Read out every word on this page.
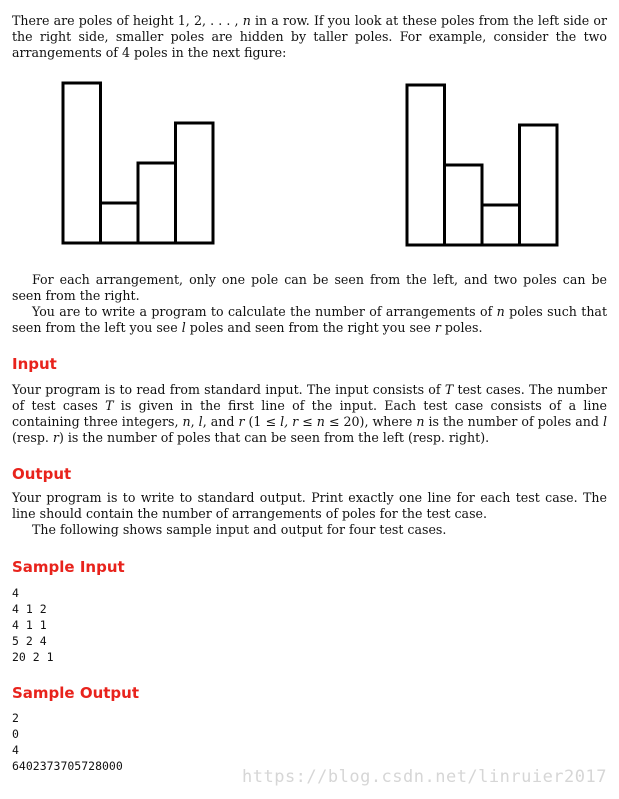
There are poles of height 1, 2, . . . , n in a row. If you look at these poles from the left side or the right side, smaller poles are hidden by taller poles. For example, consider the two arrangements of 4 poles in the next figure:

For each arrangement, only one pole can be seen from the left, and two poles can be seen from the right.

You are to write a program to calculate the number of arrangements of n poles such that seen from the left you see l poles and seen from the right you see r poles.

Input

Your program is to read from standard input. The input consists of T test cases. The number of test cases T is given in the first line of the input. Each test case consists of a line containing three integers, n, l, and r (1 ≤ l, r ≤ n ≤ 20), where n is the number of poles and l (resp. r) is the number of poles that can be seen from the left (resp. right).

Output

Your program is to write to standard output. Print exactly one line for each test case. The line should contain the number of arrangements of poles for the test case.

The following shows sample input and output for four test cases.

Sample Input

4

4 1 2

4 1 1

5 2 4

20 2 1

Sample Output

2

0

4

6402373705728000

https://blog.csdn.net/linruier2017
